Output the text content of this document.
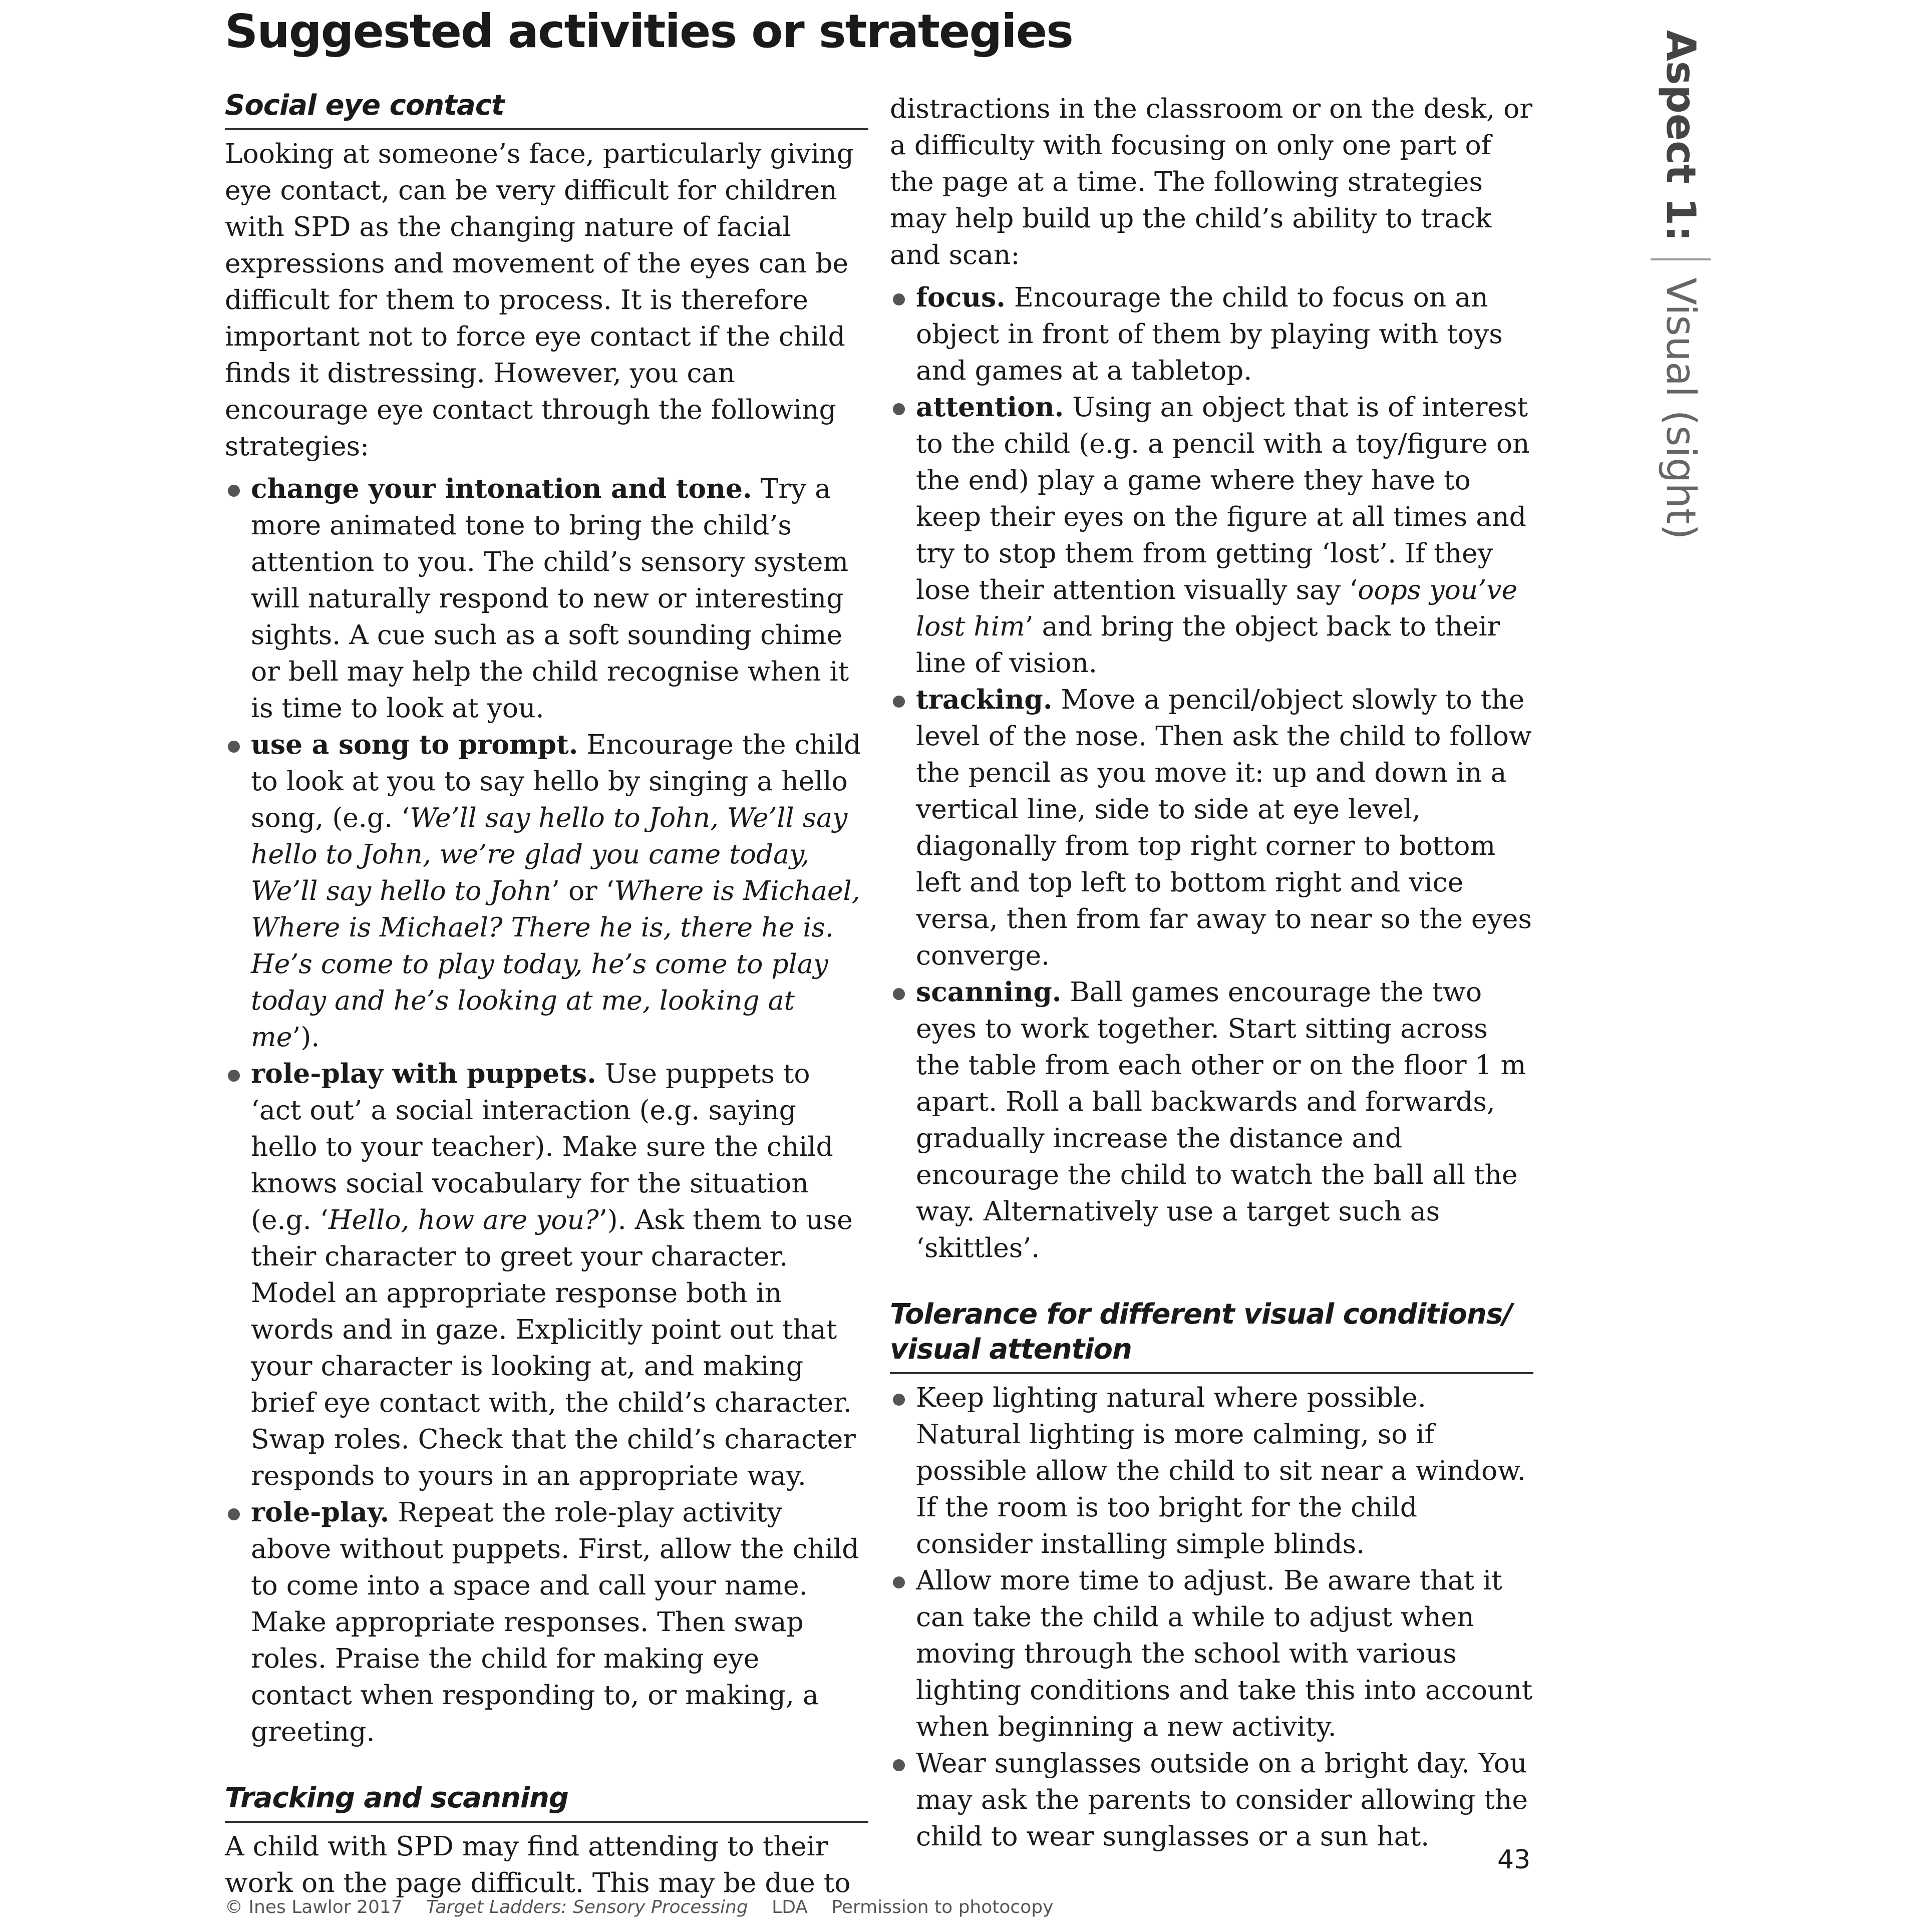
Suggested activities or strategies
Social eye contact

Looking at someone’s face, particularly giving eye contact, can be very difficult for children with SPD as the changing nature of facial expressions and movement of the eyes can be difficult for them to process. It is therefore important not to force eye contact if the child finds it distressing. However, you can encourage eye contact through the following strategies:

change your intonation and tone. Try a more animated tone to bring the child’s attention to you. The child’s sensory system will naturally respond to new or interesting sights. A cue such as a soft sounding chime or bell may help the child recognise when it is time to look at you.
use a song to prompt. Encourage the child to look at you to say hello by singing a hello song, (e.g. ‘We’ll say hello to John, We’ll say hello to John, we’re glad you came today, We’ll say hello to John’ or ‘Where is Michael, Where is Michael? There he is, there he is. He’s come to play today, he’s come to play today and he’s looking at me, looking at me’).
role-play with puppets. Use puppets to ‘act out’ a social interaction (e.g. saying hello to your teacher). Make sure the child knows social vocabulary for the situation (e.g. ‘Hello, how are you?’). Ask them to use their character to greet your character. Model an appropriate response both in words and in gaze. Explicitly point out that your character is looking at, and making brief eye contact with, the child’s character. Swap roles. Check that the child’s character responds to yours in an appropriate way.
role-play. Repeat the role-play activity above without puppets. First, allow the child to come into a space and call your name. Make appropriate responses. Then swap roles. Praise the child for making eye contact when responding to, or making, a greeting.
Tracking and scanning

A child with SPD may find attending to their work on the page difficult. This may be due to

distractions in the classroom or on the desk, or a difficulty with focusing on only one part of the page at a time. The following strategies may help build up the child’s ability to track and scan:

focus. Encourage the child to focus on an object in front of them by playing with toys and games at a tabletop.
attention. Using an object that is of interest to the child (e.g. a pencil with a toy/figure on the end) play a game where they have to keep their eyes on the figure at all times and try to stop them from getting ‘lost’. If they lose their attention visually say ‘oops you’ve lost him’ and bring the object back to their line of vision.
tracking. Move a pencil/object slowly to the level of the nose. Then ask the child to follow the pencil as you move it: up and down in a vertical line, side to side at eye level, diagonally from top right corner to bottom left and top left to bottom right and vice versa, then from far away to near so the eyes converge.
scanning. Ball games encourage the two eyes to work together. Start sitting across the table from each other or on the floor 1 m apart. Roll a ball backwards and forwards, gradually increase the distance and encourage the child to watch the ball all the way. Alternatively use a target such as ‘skittles’.
Tolerance for different visual conditions/
visual attention
Keep lighting natural where possible. Natural lighting is more calming, so if possible allow the child to sit near a window. If the room is too bright for the child consider installing simple blinds.
Allow more time to adjust. Be aware that it can take the child a while to adjust when moving through the school with various lighting conditions and take this into account when beginning a new activity.
Wear sunglasses outside on a bright day. You may ask the parents to consider allowing the child to wear sunglasses or a sun hat.
Aspect 1:
Visual (sight)
43
© Ines Lawlor 2017 Target Ladders: Sensory Processing LDA Permission to photocopy
